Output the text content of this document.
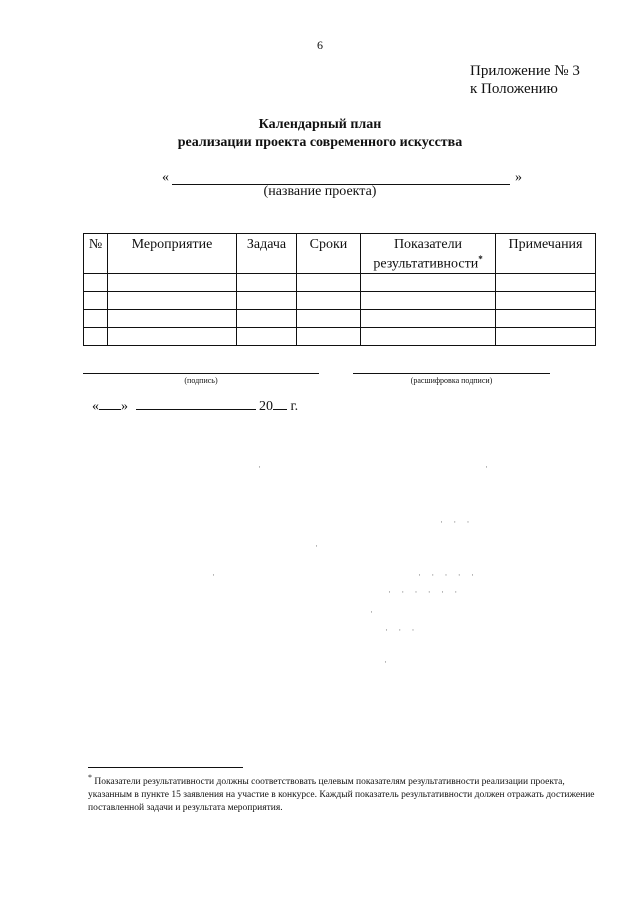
6
Приложение № 3
к Положению
Календарный план
реализации проекта современного искусства
«	»
(название проекта)
№	Мероприятие	Задача	Сроки	Показатели результативности*	Примечания

(подпись)	(расшифровка подписи)
« »	20 г.
·	·
· · ·
·
·	· · · · ·
· · · · · ·
·
· · ·
·
* Показатели результативности должны соответствовать целевым показателям результативности реализации проекта, указанным в пункте 15 заявления на участие в конкурсе. Каждый показатель результативности должен отражать достижение поставленной задачи и результата мероприятия.
